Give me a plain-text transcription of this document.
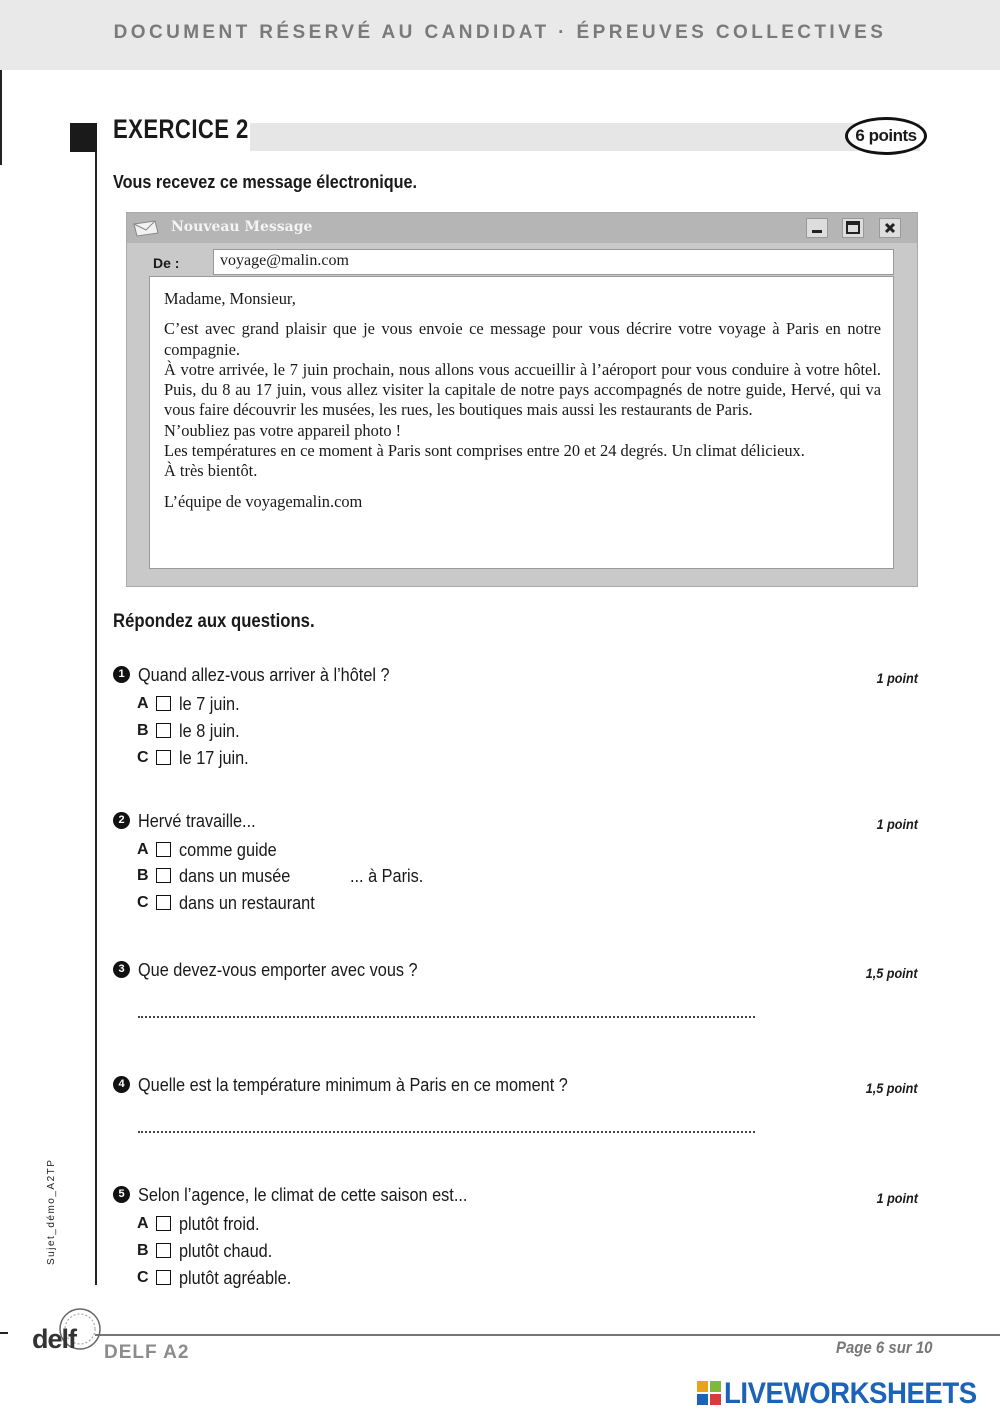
DOCUMENT RÉSERVÉ AU CANDIDAT · ÉPREUVES COLLECTIVES
EXERCICE 2	6 points
Vous recevez ce message électronique.
Nouveau Message
De :	voyage@malin.com

Madame, Monsieur,

C’est avec grand plaisir que je vous envoie ce message pour vous décrire votre voyage à Paris en notre compagnie.

À votre arrivée, le 7 juin prochain, nous allons vous accueillir à l’aéroport pour vous conduire à votre hôtel. Puis, du 8 au 17 juin, vous allez visiter la capitale de notre pays accompagnés de notre guide, Hervé, qui va vous faire découvrir les musées, les rues, les boutiques mais aussi les restaurants de Paris.

N’oubliez pas votre appareil photo !

Les températures en ce moment à Paris sont comprises entre 20 et 24 degrés. Un climat délicieux.

À très bientôt.

L’équipe de voyagemalin.com

Répondez aux questions.
1 Quand allez-vous arriver à l’hôtel ?	1 point
A le 7 juin.
B le 8 juin.
C le 17 juin.
2 Hervé travaille...	1 point
A comme guide
B dans un musée	... à Paris.
C dans un restaurant
3 Que devez-vous emporter avec vous ?	1,5 point
4 Quelle est la température minimum à Paris en ce moment ?	1,5 point
5 Selon l’agence, le climat de cette saison est...	1 point
A plutôt froid.
B plutôt chaud.
C plutôt agréable.
Sujet_démo_A2TP
delf DELF A2	Page 6 sur 10
LIVEWORKSHEETS
